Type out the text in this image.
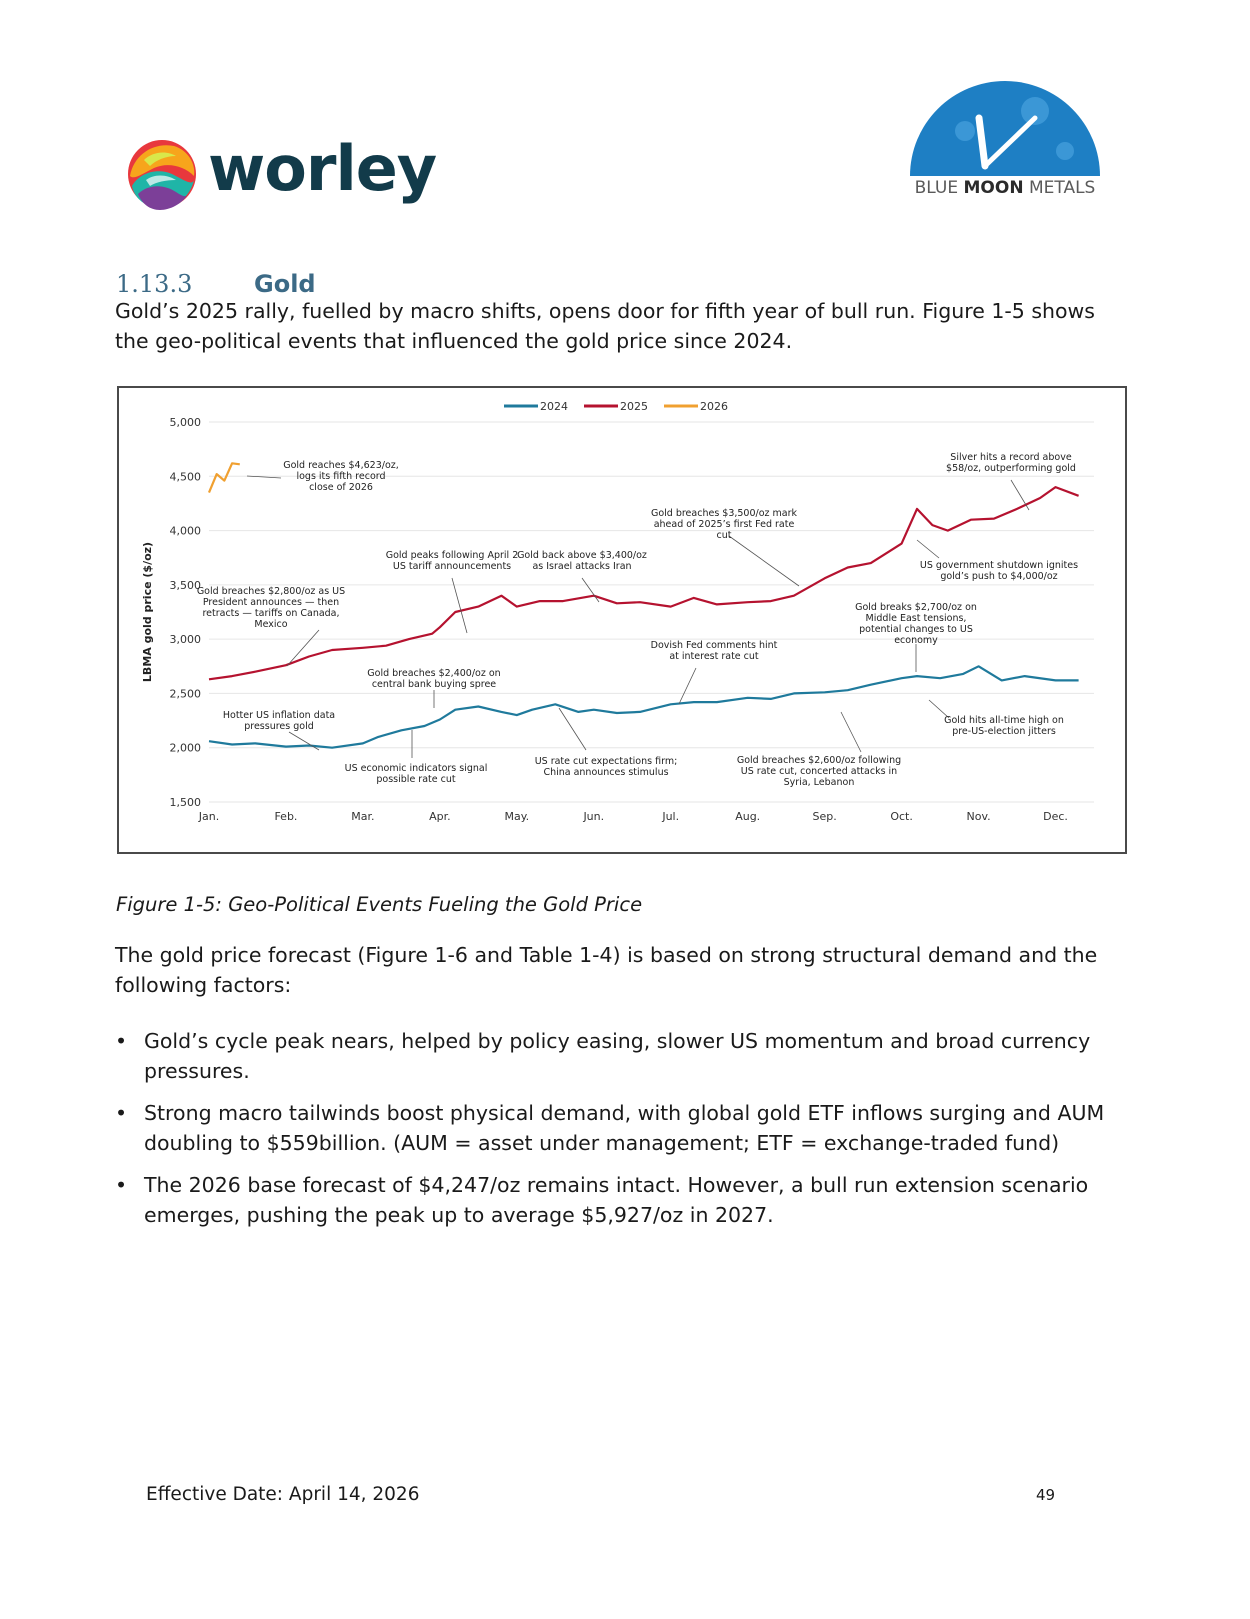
worley	BLUE MOON METALS
1.13.3	Gold

Gold’s 2025 rally, fuelled by macro shifts, opens door for fifth year of bull run. Figure 1-5 shows the geo-political events that influenced the gold price since 2024.

1,500
2,000
2,500
3,000
3,500
4,000
4,500
5,000
Jan.	Feb.	Mar.	Apr.	May.	Jun.	Jul.	Aug.	Sep.	Oct.	Nov.	Dec.
LBMA gold price ($/oz)
2024	2025	2026
Gold reaches $4,623/oz, logs its fifth record close of 2026
Gold peaks following April 2 US tariff announcements
Gold back above $3,400/oz as Israel attacks Iran
Gold breaches $3,500/oz mark ahead of 2025’s first Fed rate cut
Silver hits a record above $58/oz, outperforming gold
Gold breaches $2,800/oz as US President announces — then retracts — tariffs on Canada, Mexico
US government shutdown ignites gold’s push to $4,000/oz
Gold breaks $2,700/oz on Middle East tensions, potential changes to US economy
Dovish Fed comments hint at interest rate cut
Gold breaches $2,400/oz on central bank buying spree
Hotter US inflation data pressures gold
Gold hits all-time high on pre-US-election jitters
US rate cut expectations firm; China announces stimulus
Gold breaches $2,600/oz following US rate cut, concerted attacks in Syria, Lebanon
US economic indicators signal possible rate cut
Figure 1-5: Geo-Political Events Fueling the Gold Price

The gold price forecast (Figure 1-6 and Table 1-4) is based on strong structural demand and the following factors:

• Gold’s cycle peak nears, helped by policy easing, slower US momentum and broad currency pressures.
• Strong macro tailwinds boost physical demand, with global gold ETF inflows surging and AUM doubling to $559billion. (AUM = asset under management; ETF = exchange-traded fund)
• The 2026 base forecast of $4,247/oz remains intact. However, a bull run extension scenario emerges, pushing the peak up to average $5,927/oz in 2027.
Effective Date: April 14, 2026	49
